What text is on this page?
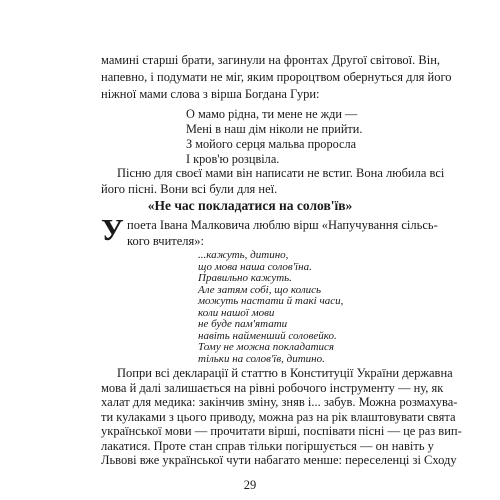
мамині старші брати, загинули на фронтах Другої світової. Він,

напевно, і подумати не міг, яким пророцтвом обернуться для його

ніжної мами слова з вірша Богдана Гури:

О мамо рідна, ти мене не жди —

Мені в наш дім ніколи не прийти.

З мойого серця мальва проросла

І кров'ю розцвіла.

Пісню для своєї мами він написати не встиг. Вона любила всі

його пісні. Вони всі були для неї.

«Не час покладатися на солов'їв»

У поета Івана Малковича люблю вірш «Напучування сільсь-

кого вчителя»:

...кажуть, дитино,

що мова наша солов'їна.

Правильно кажуть.

Але затям собі, що колись

можуть настати й такі часи,

коли нашої мови

не буде пам'ятати

навіть найменший соловейко.

Тому не можна покладатися

тільки на солов'їв, дитино.

Попри всі декларації й статтю в Конституції України державна

мова й далі залишається на рівні робочого інструменту — ну, як

халат для медика: закінчив зміну, зняв і... забув. Можна розмахува-

ти кулаками з цього приводу, можна раз на рік влаштовувати свята

української мови — прочитати вірші, поспівати пісні — це раз вип-

лакатися. Проте стан справ тільки погіршується — он навіть у

Львові вже української чути набагато менше: переселенці зі Сходу

29
